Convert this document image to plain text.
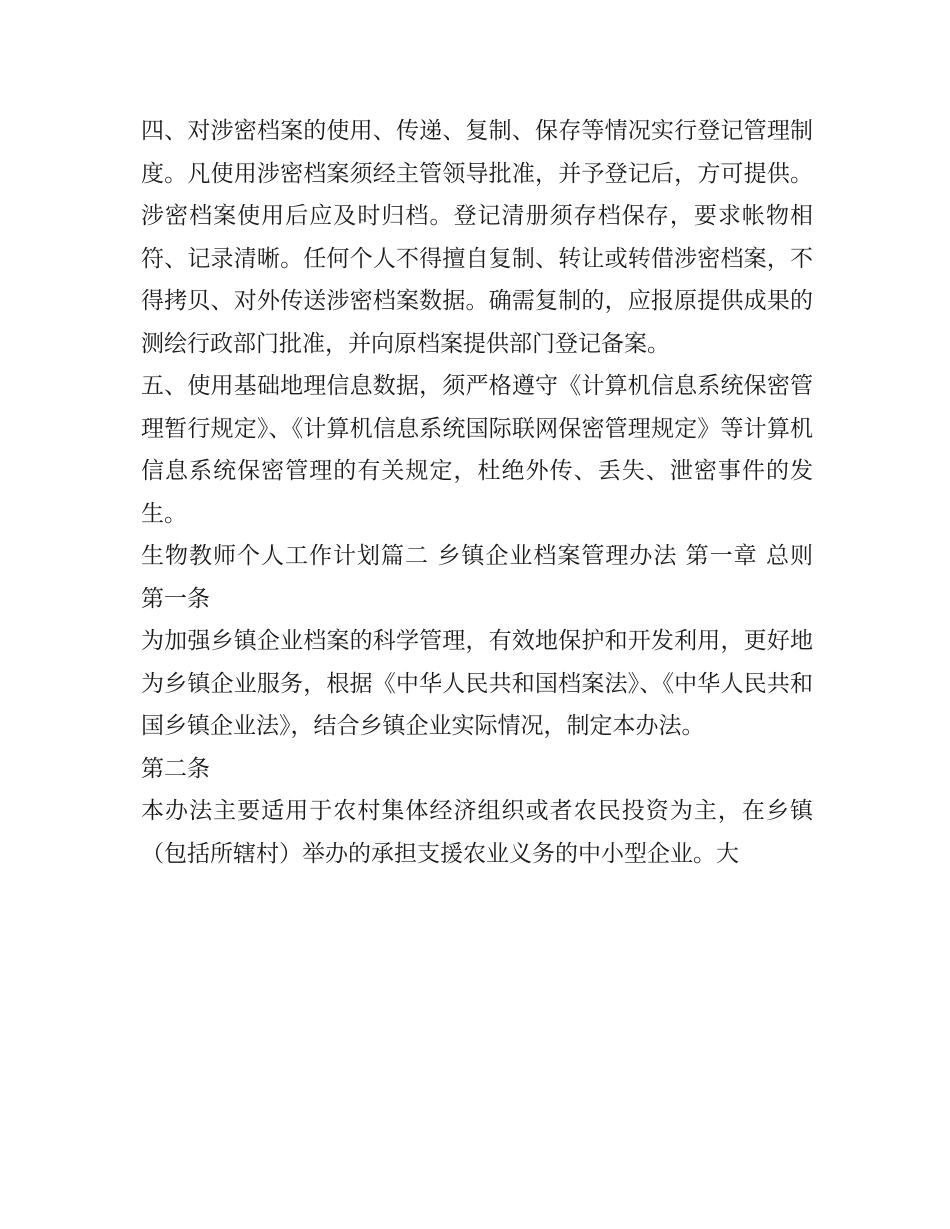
四、对涉密档案的使用、传递、复制、保存等情况实行登记管理制度。凡使用涉密档案须经主管领导批准，并予登记后，方可提供。涉密档案使用后应及时归档。登记清册须存档保存，要求帐物相符、记录清晰。任何个人不得擅自复制、转让或转借涉密档案，不得拷贝、对外传送涉密档案数据。确需复制的，应报原提供成果的测绘行政部门批准，并向原档案提供部门登记备案。

五、使用基础地理信息数据，须严格遵守《计算机信息系统保密管理暂行规定》、《计算机信息系统国际联网保密管理规定》等计算机信息系统保密管理的有关规定，杜绝外传、丢失、泄密事件的发生。

生物教师个人工作计划篇二 乡镇企业档案管理办法 第一章 总则 第一条

为加强乡镇企业档案的科学管理，有效地保护和开发利用，更好地为乡镇企业服务，根据《中华人民共和国档案法》、《中华人民共和国乡镇企业法》，结合乡镇企业实际情况，制定本办法。

第二条

本办法主要适用于农村集体经济组织或者农民投资为主，在乡镇（包括所辖村）举办的承担支援农业义务的中小型企业。大
